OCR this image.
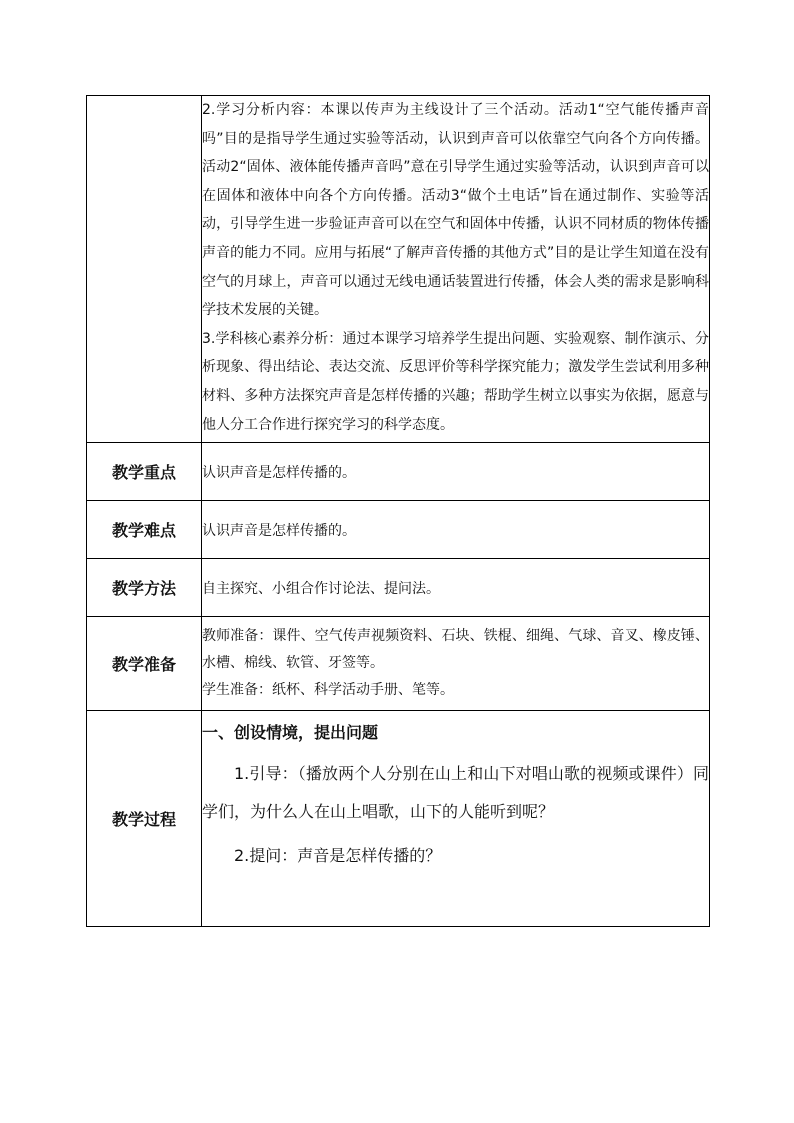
	2.学习分析内容：本课以传声为主线设计了三个活动。活动1“空气能传播声音吗”目的是指导学生通过实验等活动，认识到声音可以依靠空气向各个方向传播。活动2“固体、液体能传播声音吗”意在引导学生通过实验等活动，认识到声音可以在固体和液体中向各个方向传播。活动3“做个土电话”旨在通过制作、实验等活动，引导学生进一步验证声音可以在空气和固体中传播，认识不同材质的物体传播声音的能力不同。应用与拓展“了解声音传播的其他方式”目的是让学生知道在没有空气的月球上，声音可以通过无线电通话装置进行传播，体会人类的需求是影响科学技术发展的关键。

3.学科核心素养分析：通过本课学习培养学生提出问题、实验观察、制作演示、分析现象、得出结论、表达交流、反思评价等科学探究能力；激发学生尝试利用多种材料、多种方法探究声音是怎样传播的兴趣；帮助学生树立以事实为依据，愿意与他人分工合作进行探究学习的科学态度。

教学重点	认识声音是怎样传播的。
教学难点	认识声音是怎样传播的。
教学方法	自主探究、小组合作讨论法、提问法。
教学准备	教师准备：课件、空气传声视频资料、石块、铁棍、细绳、气球、音叉、橡皮锤、水槽、棉线、软管、牙签等。

学生准备：纸杯、科学活动手册、笔等。

教学过程	一、创设情境，提出问题

1.引导：（播放两个人分别在山上和山下对唱山歌的视频或课件）同学们，为什么人在山上唱歌，山下的人能听到呢？

2.提问：声音是怎样传播的？
